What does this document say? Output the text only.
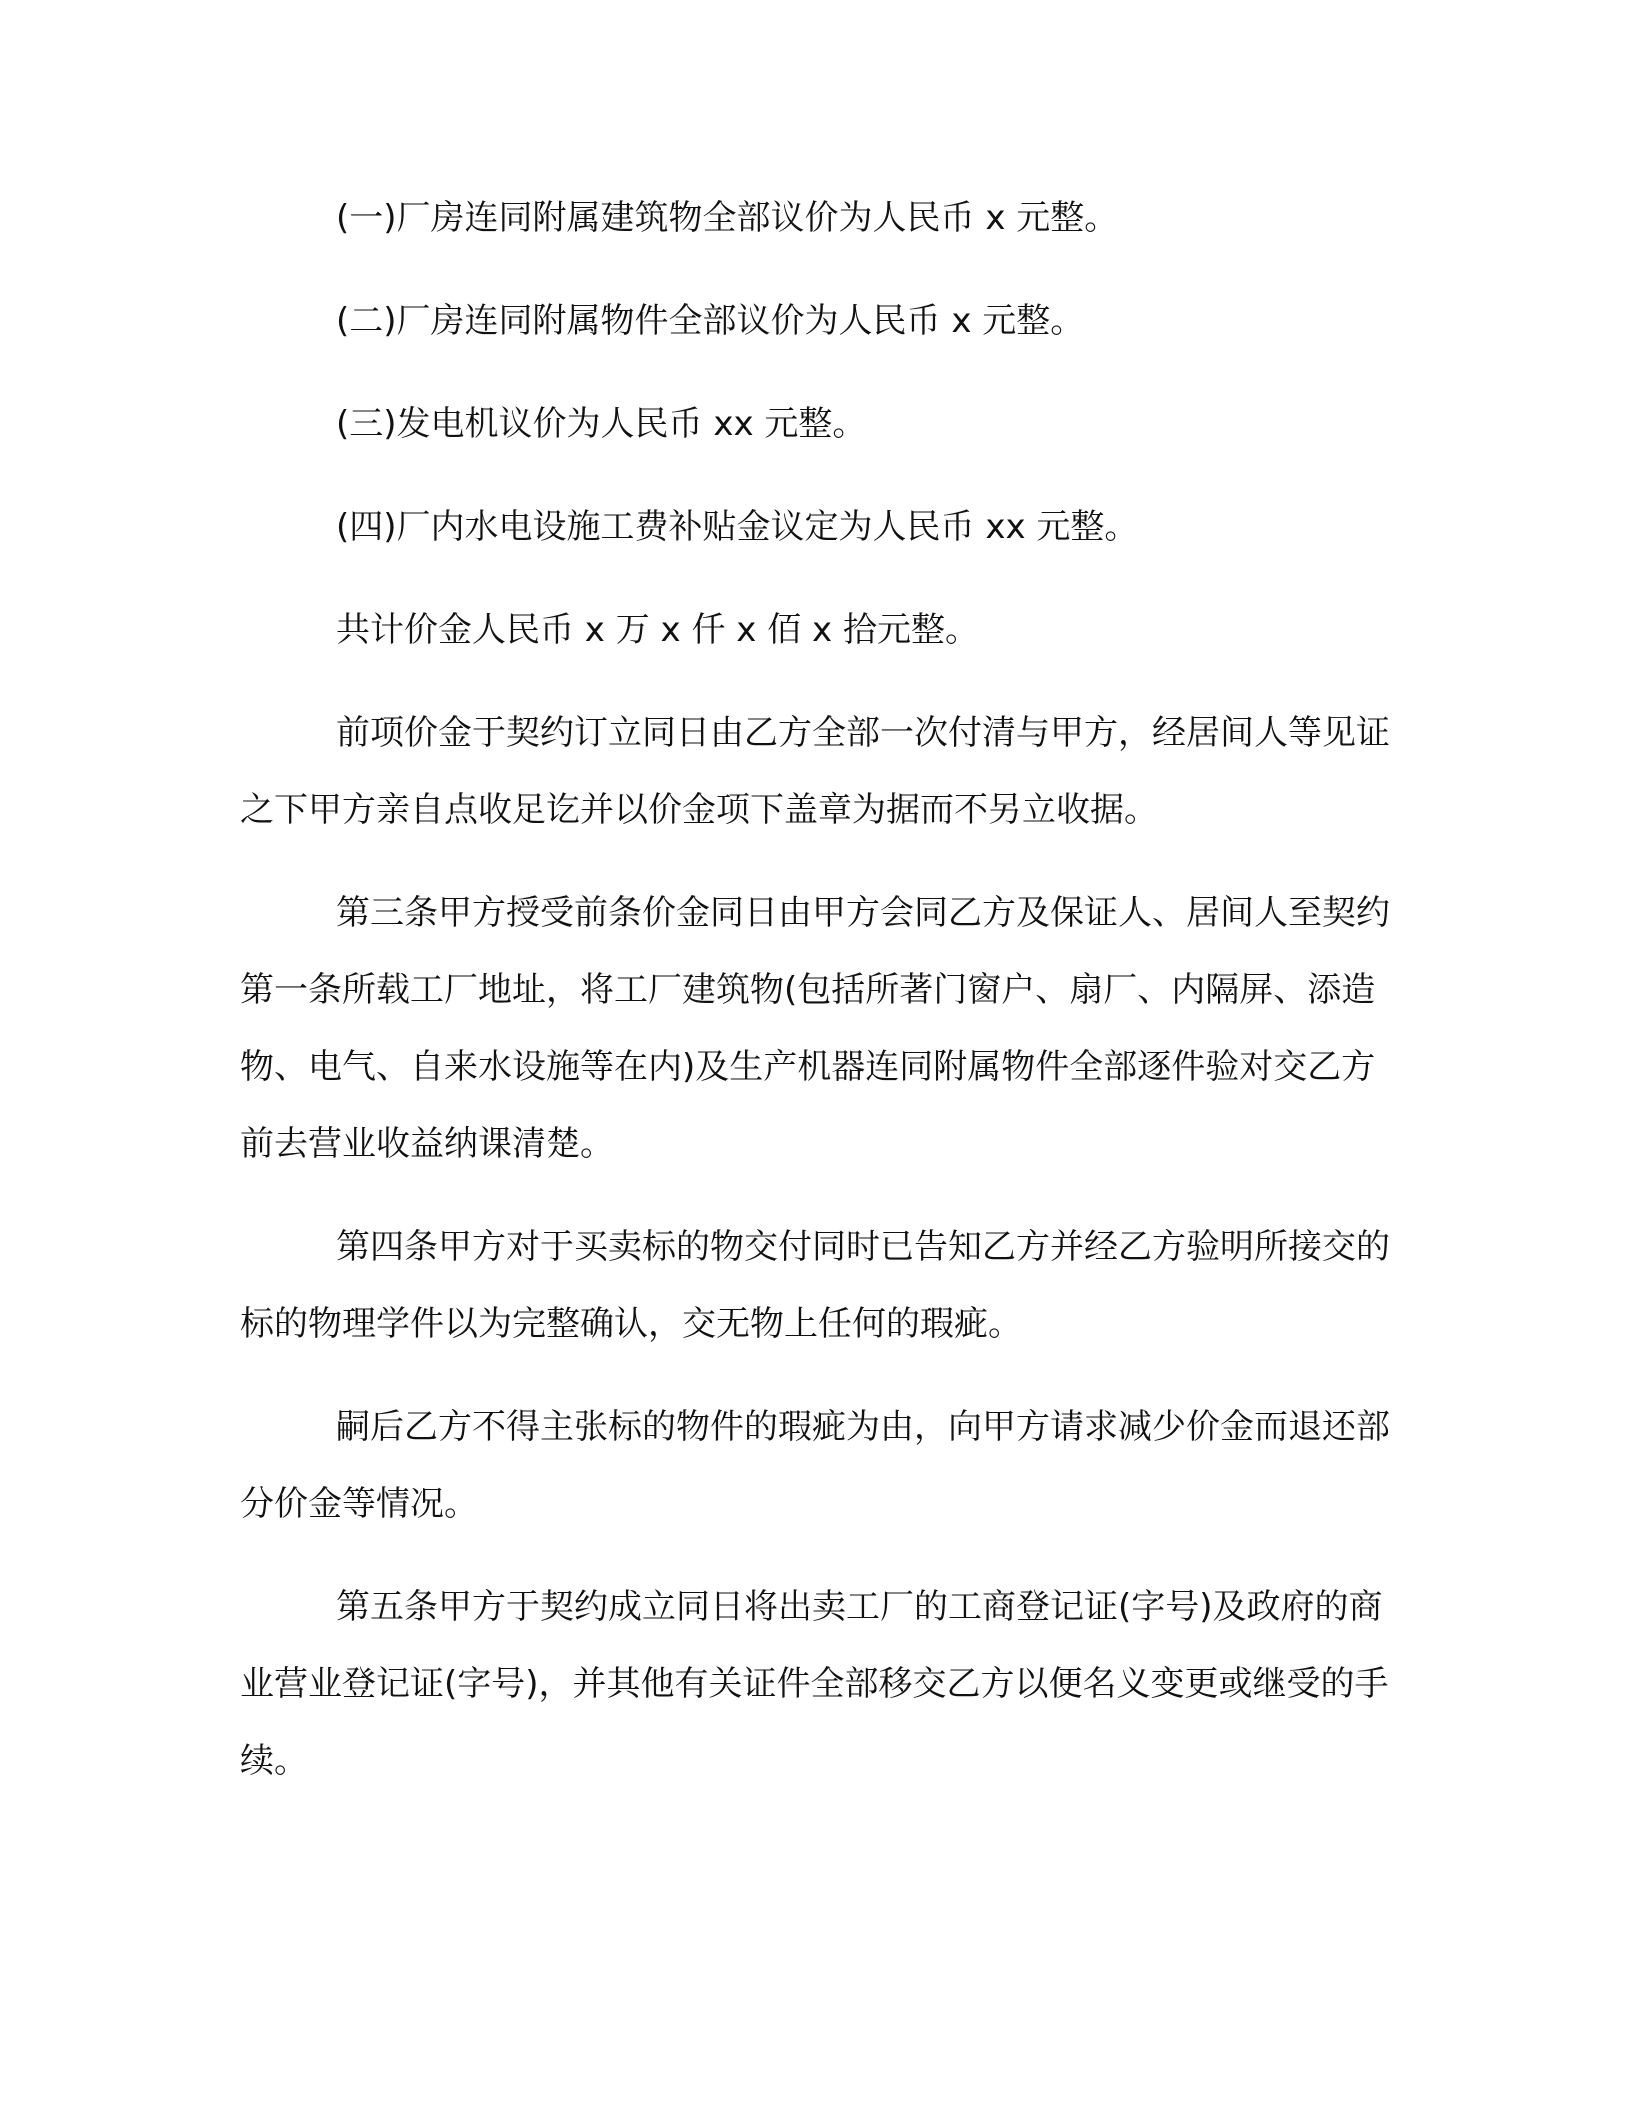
(一)厂房连同附属建筑物全部议价为人民币 x 元整。

(二)厂房连同附属物件全部议价为人民币 x 元整。

(三)发电机议价为人民币 xx 元整。

(四)厂内水电设施工费补贴金议定为人民币 xx 元整。

共计价金人民币 x 万 x 仟 x 佰 x 拾元整。

前项价金于契约订立同日由乙方全部一次付清与甲方，经居间人等见证之下甲方亲自点收足讫并以价金项下盖章为据而不另立收据。

第三条甲方授受前条价金同日由甲方会同乙方及保证人、居间人至契约第一条所载工厂地址，将工厂建筑物(包括所著门窗户、扇厂、内隔屏、添造物、电气、自来水设施等在内)及生产机器连同附属物件全部逐件验对交乙方前去营业收益纳课清楚。

第四条甲方对于买卖标的物交付同时已告知乙方并经乙方验明所接交的标的物理学件以为完整确认，交无物上任何的瑕疵。

嗣后乙方不得主张标的物件的瑕疵为由，向甲方请求减少价金而退还部分价金等情况。

第五条甲方于契约成立同日将出卖工厂的工商登记证(字号)及政府的商业营业登记证(字号)，并其他有关证件全部移交乙方以便名义变更或继受的手续。
